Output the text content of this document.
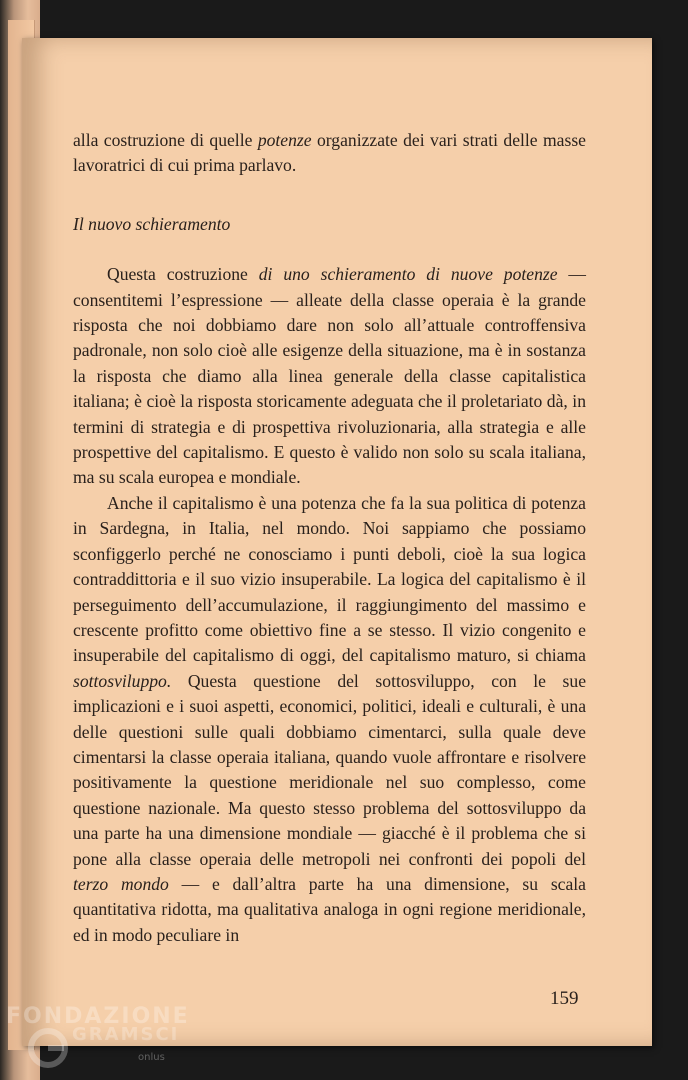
alla costruzione di quelle potenze organizzate dei vari strati delle masse lavoratrici di cui prima parlavo.

Il nuovo schieramento

Questa costruzione di uno schieramento di nuove potenze — consentitemi l’espressione — alleate della classe operaia è la grande risposta che noi dobbiamo dare non solo all’attuale controffensiva padronale, non solo cioè alle esigenze della situazione, ma è in sostanza la risposta che diamo alla linea generale della classe capitalistica italiana; è cioè la risposta storicamente adeguata che il proletariato dà, in termini di strategia e di prospettiva rivoluzionaria, alla strategia e alle prospettive del capitalismo. E questo è valido non solo su scala italiana, ma su scala europea e mondiale.

Anche il capitalismo è una potenza che fa la sua politica di potenza in Sardegna, in Italia, nel mondo. Noi sappiamo che possiamo sconfiggerlo perché ne conosciamo i punti deboli, cioè la sua logica contraddittoria e il suo vizio insuperabile. La logica del capitalismo è il perseguimento dell’accumulazione, il raggiungimento del massimo e crescente profitto come obiettivo fine a se stesso. Il vizio congenito e insuperabile del capitalismo di oggi, del capitalismo maturo, si chiama sottosviluppo. Questa questione del sottosviluppo, con le sue implicazioni e i suoi aspetti, economici, politici, ideali e culturali, è una delle questioni sulle quali dobbiamo cimentarci, sulla quale deve cimentarsi la classe operaia italiana, quando vuole affrontare e risolvere positivamente la questione meridionale nel suo complesso, come questione nazionale. Ma questo stesso problema del sottosviluppo da una parte ha una dimensione mondiale — giacché è il problema che si pone alla classe operaia delle metropoli nei confronti dei popoli del terzo mondo — e dall’altra parte ha una dimensione, su scala quantitativa ridotta, ma qualitativa analoga in ogni regione meridionale, ed in modo peculiare in

159
FONDAZIONE
GRAMSCI
onlus
